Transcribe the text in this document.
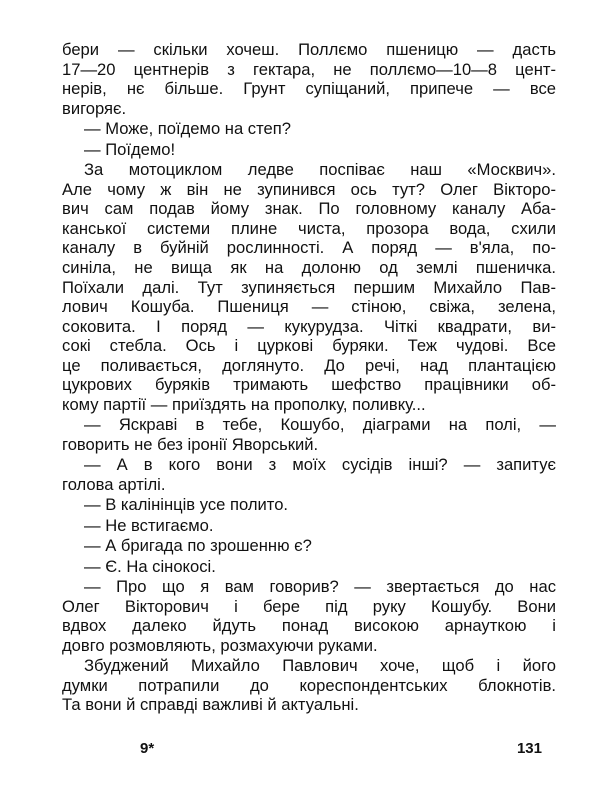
бери — скільки хочеш. Поллємо пшеницю — дасть
17—20 центнерів з гектара, не поллємо—10—8 цент-
нерів, нє більше. Грунт супіщаний, припече — все
вигоряє.
— Може, поїдемо на степ?
— Поїдемо!
За мотоциклом ледве поспіває наш «Москвич».
Але чому ж він не зупинився ось тут? Олег Вікторо-
вич сам подав йому знак. По головному каналу Аба-
канської системи плине чиста, прозора вода, схили
каналу в буйній рослинності. А поряд — в'яла, по-
синіла, не вища як на долоню од землі пшеничка.
Поїхали далі. Тут зупиняється першим Михайло Пав-
лович Кошуба. Пшениця — стіною, свіжа, зелена,
соковита. І поряд — кукурудза. Чіткі квадрати, ви-
сокі стебла. Ось і цуркові буряки. Теж чудові. Все
це поливається, доглянуто. До речі, над плантацією
цукрових буряків тримають шефство працівники об-
кому партії — приїздять на прополку, поливку...
— Яскраві в тебе, Кошубо, діаграми на полі, —
говорить не без іронії Яворський.
— А в кого вони з моїх сусідів інші? — запитує
голова артілі.
— В калінінців усе полито.
— Не встигаємо.
— А бригада по зрошенню є?
— Є. На сінокосі.
— Про що я вам говорив? — звертається до нас
Олег Вікторович і бере під руку Кошубу. Вони
вдвох далеко йдуть понад високою арнауткою і
довго розмовляють, розмахуючи руками.
Збуджений Михайло Павлович хоче, щоб і його
думки потрапили до кореспондентських блокнотів.
Та вони й справді важливі й актуальні.
9*	131
